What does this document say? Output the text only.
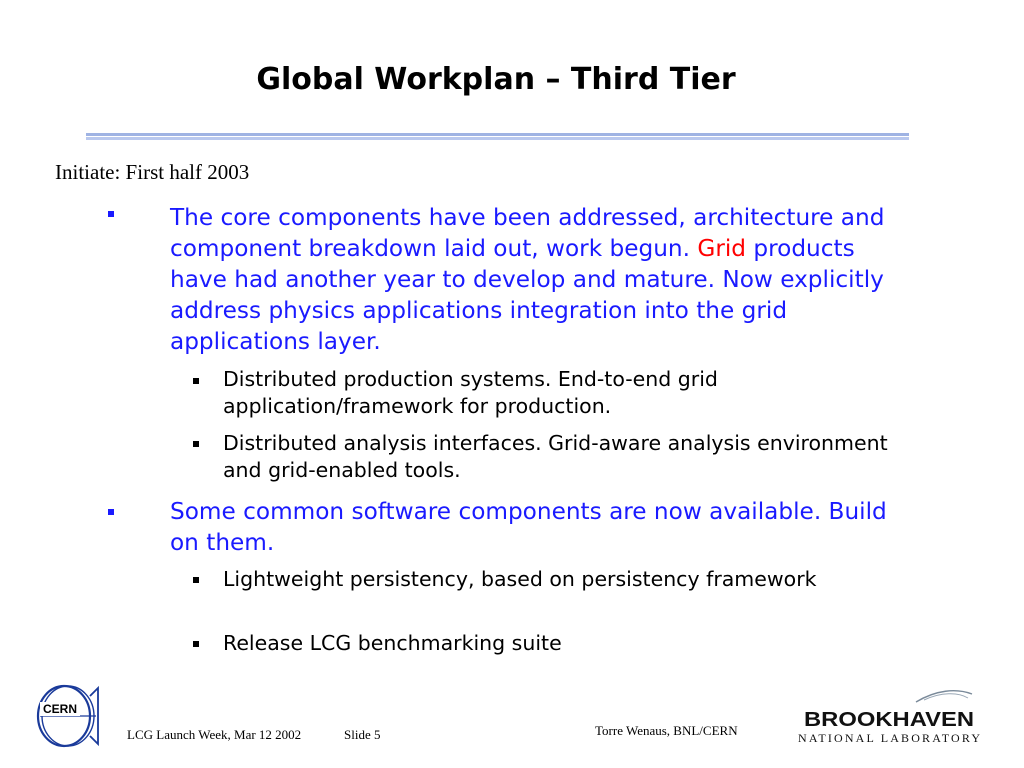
Global Workplan – Third Tier
Initiate: First half 2003
The core components have been addressed, architecture and component breakdown laid out, work begun. Grid products have had another year to develop and mature. Now explicitly address physics applications integration into the grid applications layer.
Distributed production systems. End-to-end grid application/framework for production.
Distributed analysis interfaces. Grid-aware analysis environment and grid-enabled tools.
Some common software components are now available. Build on them.
Lightweight persistency, based on persistency framework
Release LCG benchmarking suite
CERN
LCG Launch Week, Mar 12 2002	Slide 5	Torre Wenaus, BNL/CERN	BROOKHAVEN
NATIONAL LABORATORY
